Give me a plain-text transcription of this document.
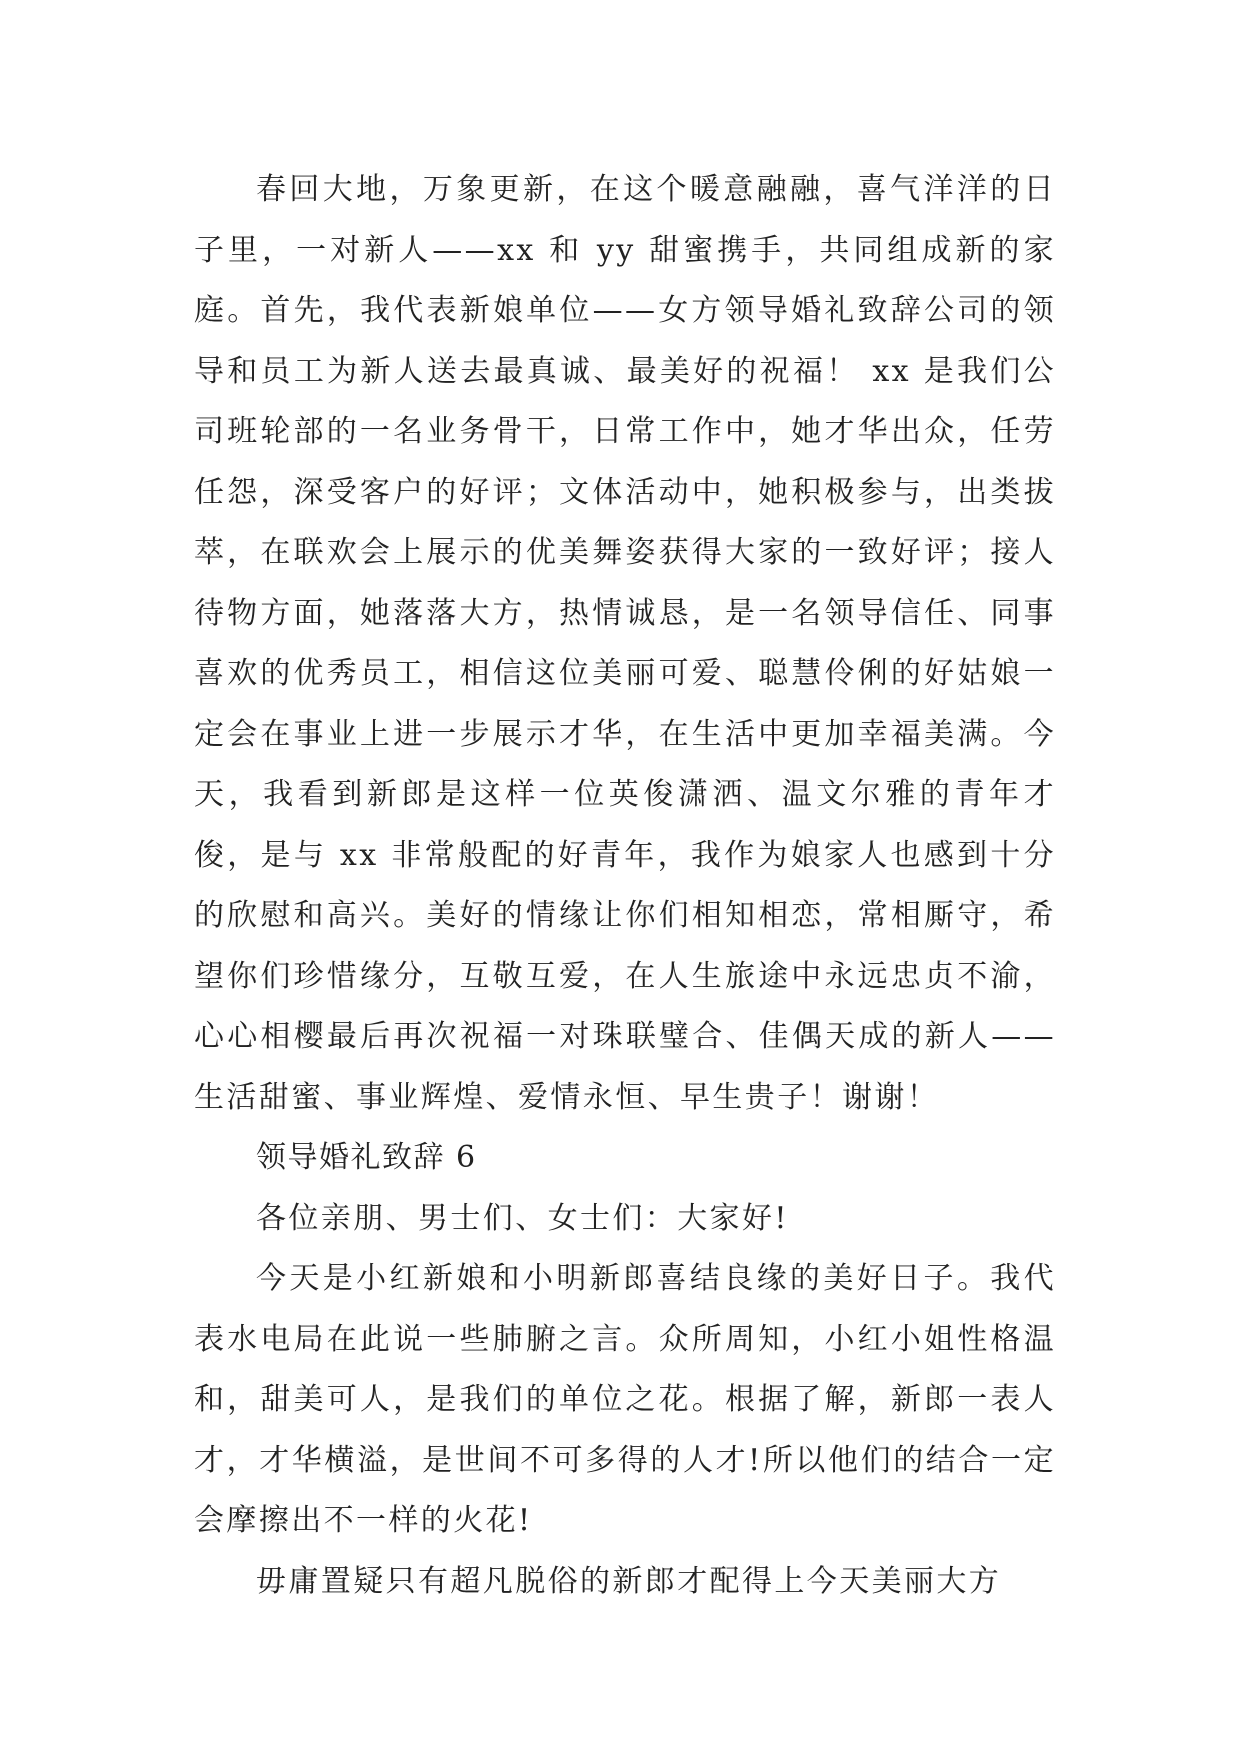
春回大地，万象更新，在这个暖意融融，喜气洋洋的日子里，一对新人——xx 和 yy 甜蜜携手，共同组成新的家庭。首先，我代表新娘单位——女方领导婚礼致辞公司的领导和员工为新人送去最真诚、最美好的祝福！ xx 是我们公司班轮部的一名业务骨干，日常工作中，她才华出众，任劳任怨，深受客户的好评；文体活动中，她积极参与，出类拔萃，在联欢会上展示的优美舞姿获得大家的一致好评；接人待物方面，她落落大方，热情诚恳，是一名领导信任、同事喜欢的优秀员工，相信这位美丽可爱、聪慧伶俐的好姑娘一定会在事业上进一步展示才华，在生活中更加幸福美满。今天，我看到新郎是这样一位英俊潇洒、温文尔雅的青年才俊，是与 xx 非常般配的好青年，我作为娘家人也感到十分的欣慰和高兴。美好的情缘让你们相知相恋，常相厮守，希望你们珍惜缘分，互敬互爱，在人生旅途中永远忠贞不渝，心心相樱最后再次祝福一对珠联璧合、佳偶天成的新人——生活甜蜜、事业辉煌、爱情永恒、早生贵子！谢谢！

领导婚礼致辞 6

各位亲朋、男士们、女士们：大家好!

今天是小红新娘和小明新郎喜结良缘的美好日子。我代表水电局在此说一些肺腑之言。众所周知，小红小姐性格温和，甜美可人，是我们的单位之花。根据了解，新郎一表人才，才华横溢，是世间不可多得的人才!所以他们的结合一定会摩擦出不一样的火花!

毋庸置疑只有超凡脱俗的新郎才配得上今天美丽大方
